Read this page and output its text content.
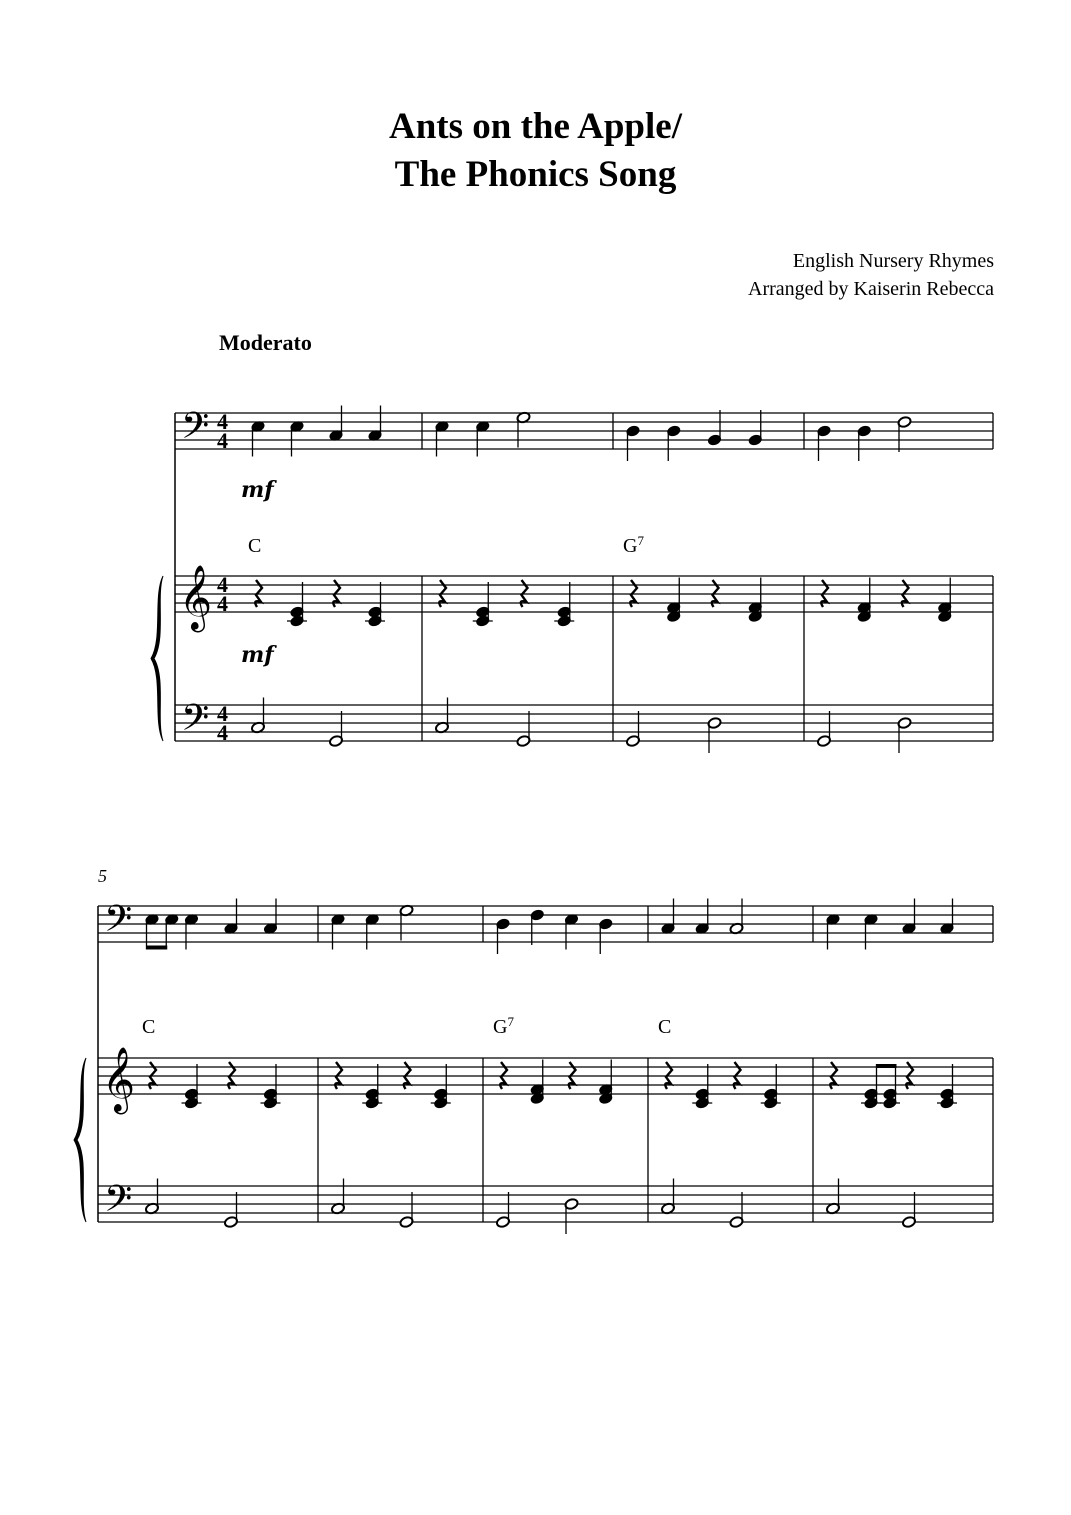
Ants on the Apple/
The Phonics Song
English Nursery Rhymes
Arranged by Kaiserin Rebecca
Moderato
𝄢
𝄞
𝄢
4
4
4
4
4
4
mf
mf
C	$G^7$
𝄢
𝄞
𝄢
5
C	$G^7$	C
